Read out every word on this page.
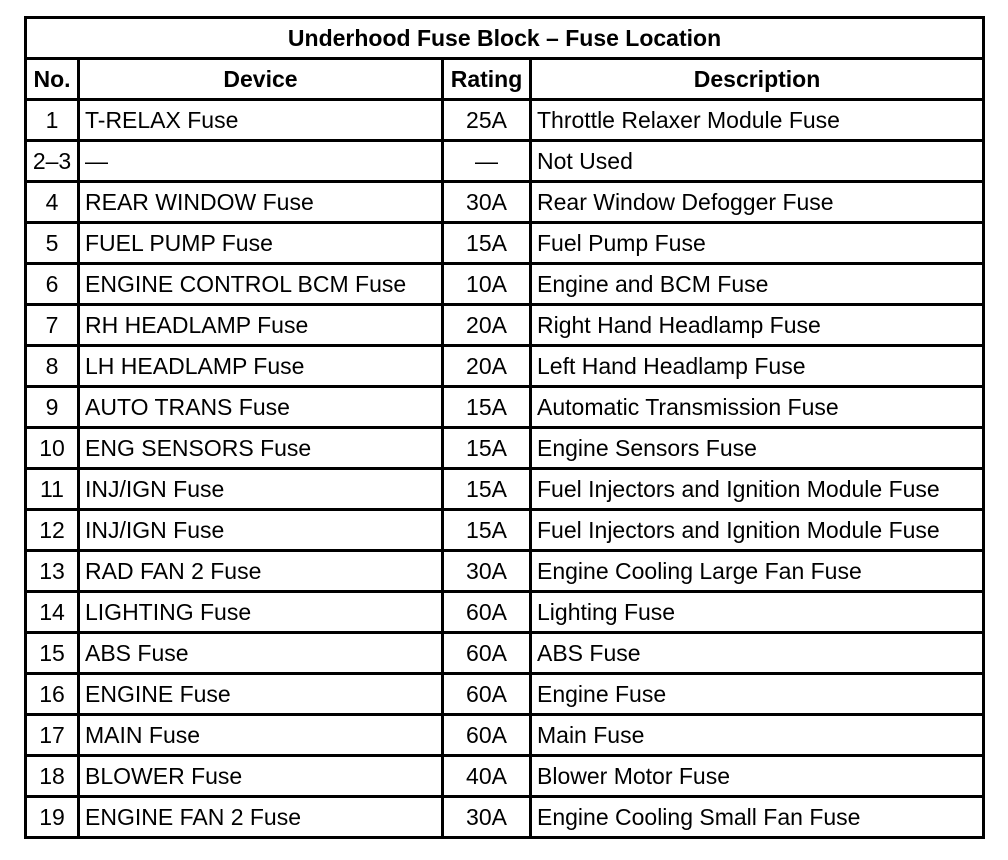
Underhood Fuse Block – Fuse Location			
No.	Device	Rating	Description
1	T-RELAX Fuse	25A	Throttle Relaxer Module Fuse
2–3	—	—	Not Used
4	REAR WINDOW Fuse	30A	Rear Window Defogger Fuse
5	FUEL PUMP Fuse	15A	Fuel Pump Fuse
6	ENGINE CONTROL BCM Fuse	10A	Engine and BCM Fuse
7	RH HEADLAMP Fuse	20A	Right Hand Headlamp Fuse
8	LH HEADLAMP Fuse	20A	Left Hand Headlamp Fuse
9	AUTO TRANS Fuse	15A	Automatic Transmission Fuse
10	ENG SENSORS Fuse	15A	Engine Sensors Fuse
11	INJ/IGN Fuse	15A	Fuel Injectors and Ignition Module Fuse
12	INJ/IGN Fuse	15A	Fuel Injectors and Ignition Module Fuse
13	RAD FAN 2 Fuse	30A	Engine Cooling Large Fan Fuse
14	LIGHTING Fuse	60A	Lighting Fuse
15	ABS Fuse	60A	ABS Fuse
16	ENGINE Fuse	60A	Engine Fuse
17	MAIN Fuse	60A	Main Fuse
18	BLOWER Fuse	40A	Blower Motor Fuse
19	ENGINE FAN 2 Fuse	30A	Engine Cooling Small Fan Fuse
